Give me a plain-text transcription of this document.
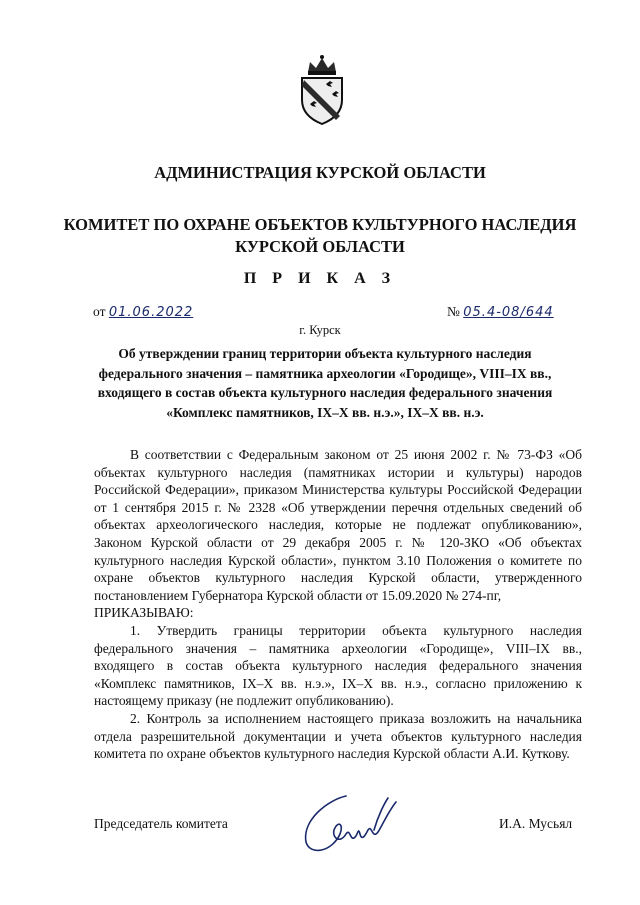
АДМИНИСТРАЦИЯ КУРСКОЙ ОБЛАСТИ
КОМИТЕТ ПО ОХРАНЕ ОБЪЕКТОВ КУЛЬТУРНОГО НАСЛЕДИЯ
КУРСКОЙ ОБЛАСТИ
П Р И К А З
от 01.06.2022	№ 05.4-08/644
г. Курск
Об утверждении границ территории объекта культурного наследия федерального значения – памятника археологии «Городище», VIII–IX вв., входящего в состав объекта культурного наследия федерального значения «Комплекс памятников, IX–X вв. н.э.», IX–X вв. н.э.

В соответствии с Федеральным законом от 25 июня 2002 г. № 73-ФЗ «Об объектах культурного наследия (памятниках истории и культуры) народов Российской Федерации», приказом Министерства культуры Российской Федерации от 1 сентября 2015 г. № 2328 «Об утверждении перечня отдельных сведений об объектах археологического наследия, которые не подлежат опубликованию», Законом Курской области от 29 декабря 2005 г. № 120-ЗКО «Об объектах культурного наследия Курской области», пунктом 3.10 Положения о комитете по охране объектов культурного наследия Курской области, утвержденного постановлением Губернатора Курской области от 15.09.2020 № 274-пг,

ПРИКАЗЫВАЮ:

1. Утвердить границы территории объекта культурного наследия федерального значения – памятника археологии «Городище», VIII–IX вв., входящего в состав объекта культурного наследия федерального значения «Комплекс памятников, IX–X вв. н.э.», IX–X вв. н.э., согласно приложению к настоящему приказу (не подлежит опубликованию).

2. Контроль за исполнением настоящего приказа возложить на начальника отдела разрешительной документации и учета объектов культурного наследия комитета по охране объектов культурного наследия Курской области А.И. Куткову.

Председатель комитета	И.А. Мусьял
